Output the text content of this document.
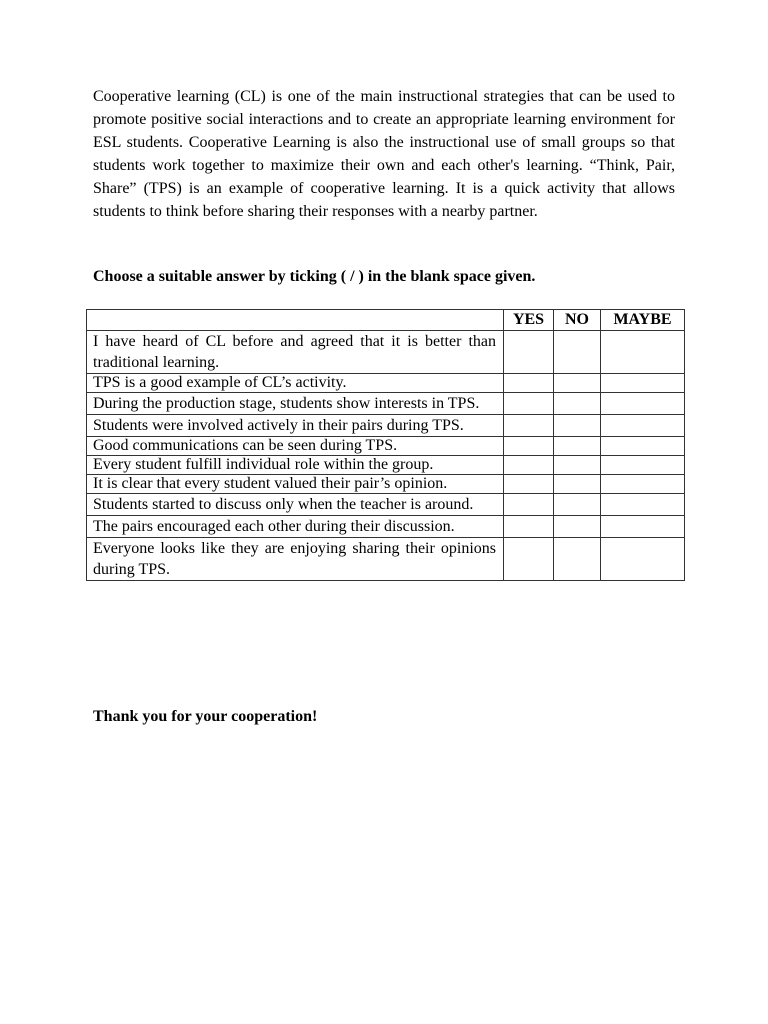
Cooperative learning (CL) is one of the main instructional strategies that can be used to promote positive social interactions and to create an appropriate learning environment for ESL students. Cooperative Learning is also the instructional use of small groups so that students work together to maximize their own and each other's learning. “Think, Pair, Share” (TPS) is an example of cooperative learning. It is a quick activity that allows students to think before sharing their responses with a nearby partner.

Choose a suitable answer by ticking ( / ) in the blank space given.

	YES	NO	MAYBE
I have heard of CL before and agreed that it is better than traditional learning.			
TPS is a good example of CL’s activity.			
During the production stage, students show interests in TPS.			
Students were involved actively in their pairs during TPS.			
Good communications can be seen during TPS.			
Every student fulfill individual role within the group.			
It is clear that every student valued their pair’s opinion.			
Students started to discuss only when the teacher is around.			
The pairs encouraged each other during their discussion.			
Everyone looks like they are enjoying sharing their opinions during TPS.			

Thank you for your cooperation!
